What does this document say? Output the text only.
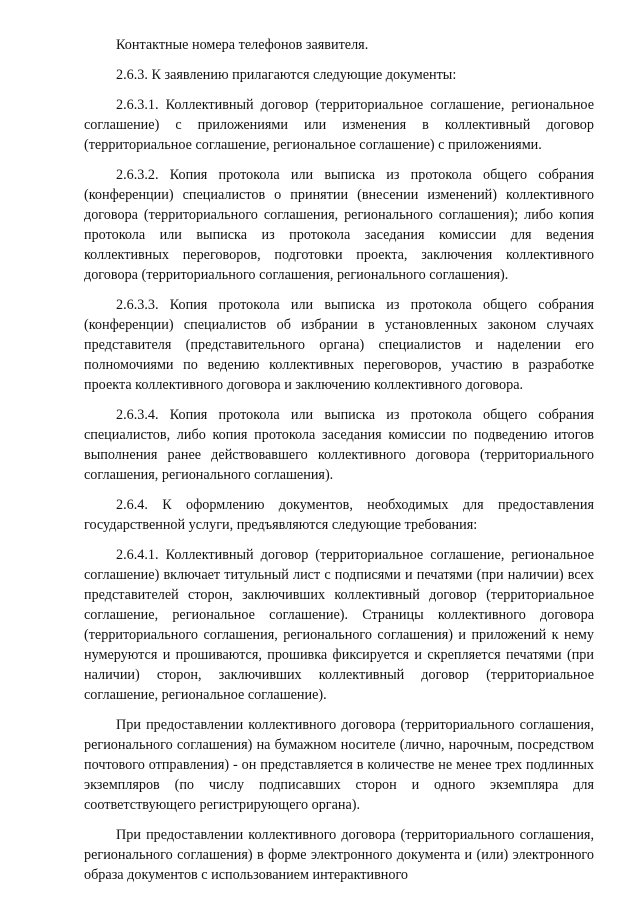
Контактные номера телефонов заявителя.

2.6.3. К заявлению прилагаются следующие документы:

2.6.3.1. Коллективный договор (территориальное соглашение, региональное соглашение) с приложениями или изменения в коллективный договор (территориальное соглашение, региональное соглашение) с приложениями.

2.6.3.2. Копия протокола или выписка из протокола общего собрания (конференции) специалистов о принятии (внесении изменений) коллективного договора (территориального соглашения, регионального соглашения); либо копия протокола или выписка из протокола заседания комиссии для ведения коллективных переговоров, подготовки проекта, заключения коллективного договора (территориального соглашения, регионального соглашения).

2.6.3.3. Копия протокола или выписка из протокола общего собрания (конференции) специалистов об избрании в установленных законом случаях представителя (представительного органа) специалистов и наделении его полномочиями по ведению коллективных переговоров, участию в разработке проекта коллективного договора и заключению коллективного договора.

2.6.3.4. Копия протокола или выписка из протокола общего собрания специалистов, либо копия протокола заседания комиссии по подведению итогов выполнения ранее действовавшего коллективного договора (территориального соглашения, регионального соглашения).

2.6.4. К оформлению документов, необходимых для предоставления государственной услуги, предъявляются следующие требования:

2.6.4.1. Коллективный договор (территориальное соглашение, региональное соглашение) включает титульный лист с подписями и печатями (при наличии) всех представителей сторон, заключивших коллективный договор (территориальное соглашение, региональное соглашение). Страницы коллективного договора (территориального соглашения, регионального соглашения) и приложений к нему нумеруются и прошиваются, прошивка фиксируется и скрепляется печатями (при наличии) сторон, заключивших коллективный договор (территориальное соглашение, региональное соглашение).

При предоставлении коллективного договора (территориального соглашения, регионального соглашения) на бумажном носителе (лично, нарочным, посредством почтового отправления) - он представляется в количестве не менее трех подлинных экземпляров (по числу подписавших сторон и одного экземпляра для соответствующего регистрирующего органа).

При предоставлении коллективного договора (территориального соглашения, регионального соглашения) в форме электронного документа и (или) электронного образа документов с использованием интерактивного
